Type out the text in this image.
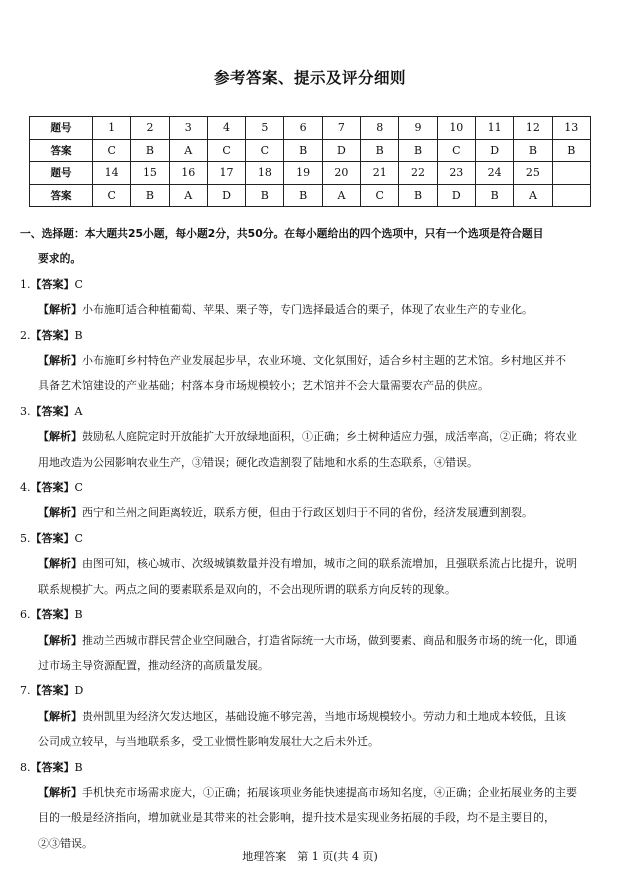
参考答案、提示及评分细则
题号	1	2	3	4	5	6	7	8	9	10	11	12	13
答案	C	B	A	C	C	B	D	B	B	C	D	B	B
题号	14	15	16	17	18	19	20	21	22	23	24	25	
答案	C	B	A	D	B	B	A	C	B	D	B	A	
一、选择题：本大题共25小题，每小题2分，共50分。在每小题给出的四个选项中，只有一个选项是符合题目
要求的。
1.【答案】C
【解析】小布施町适合种植葡萄、苹果、栗子等，专门选择最适合的栗子，体现了农业生产的专业化。
2.【答案】B
【解析】小布施町乡村特色产业发展起步早，农业环境、文化氛围好，适合乡村主题的艺术馆。乡村地区并不
具备艺术馆建设的产业基础；村落本身市场规模较小；艺术馆并不会大量需要农产品的供应。
3.【答案】A
【解析】鼓励私人庭院定时开放能扩大开放绿地面积，①正确；乡土树种适应力强，成活率高，②正确；将农业
用地改造为公园影响农业生产，③错误；硬化改造割裂了陆地和水系的生态联系，④错误。
4.【答案】C
【解析】西宁和兰州之间距离较近，联系方便，但由于行政区划归于不同的省份，经济发展遭到割裂。
5.【答案】C
【解析】由图可知，核心城市、次级城镇数量并没有增加，城市之间的联系流增加，且强联系流占比提升，说明
联系规模扩大。两点之间的要素联系是双向的，不会出现所谓的联系方向反转的现象。
6.【答案】B
【解析】推动兰西城市群民营企业空间融合，打造省际统一大市场，做到要素、商品和服务市场的统一化，即通
过市场主导资源配置，推动经济的高质量发展。
7.【答案】D
【解析】贵州凯里为经济欠发达地区，基础设施不够完善，当地市场规模较小。劳动力和土地成本较低，且该
公司成立较早，与当地联系多，受工业惯性影响发展壮大之后未外迁。
8.【答案】B
【解析】手机快充市场需求庞大，①正确；拓展该项业务能快速提高市场知名度，④正确；企业拓展业务的主要
目的一般是经济指向，增加就业是其带来的社会影响，提升技术是实现业务拓展的手段，均不是主要目的，
②③错误。
地理答案　第 1 页(共 4 页)
